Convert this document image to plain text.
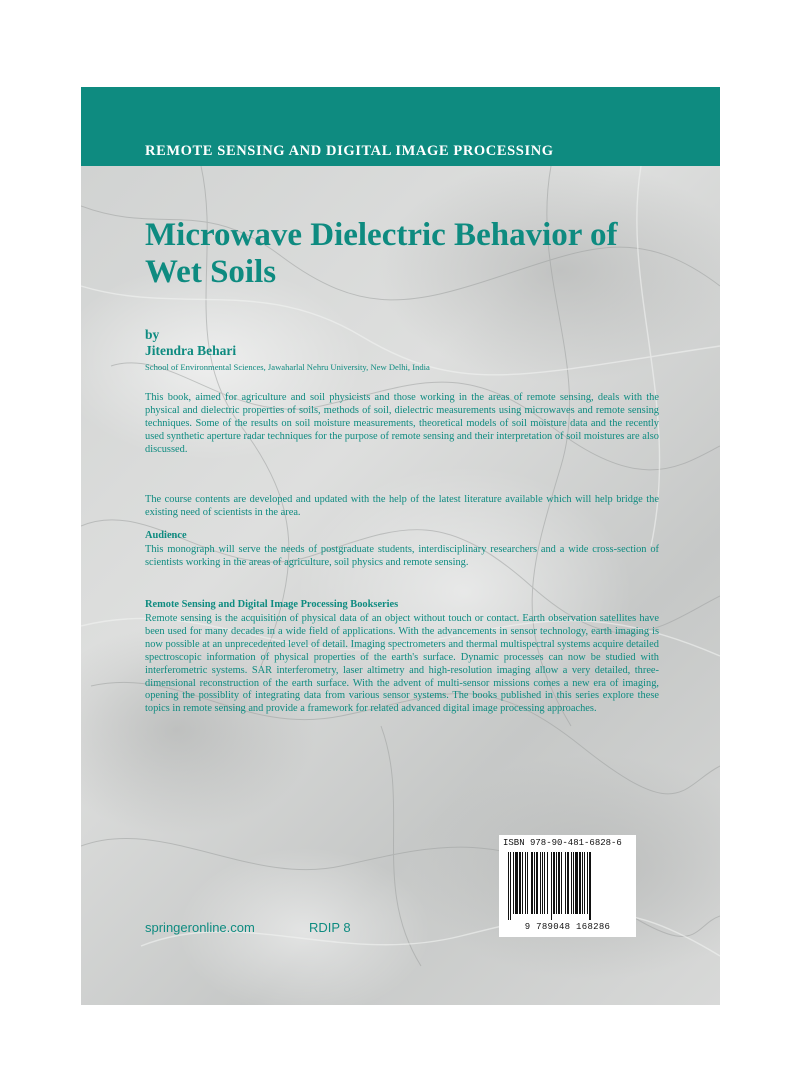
REMOTE SENSING AND DIGITAL IMAGE PROCESSING

Microwave Dielectric Behavior of Wet Soils

by

Jitendra Behari

School of Environmental Sciences, Jawaharlal Nehru University, New Delhi, India

This book, aimed for agriculture and soil physicists and those working in the areas of remote sensing, deals with the physical and dielectric properties of soils, methods of soil, dielectric measurements using microwaves and remote sensing techniques. Some of the results on soil moisture measurements, theoretical models of soil moisture data and the recently used synthetic aperture radar techniques for the purpose of remote sensing and their interpretation of soil moistures are also discussed.

The course contents are developed and updated with the help of the latest literature available which will help bridge the existing need of scientists in the area.

Audience

This monograph will serve the needs of postgraduate students, interdisciplinary researchers and a wide cross-section of scientists working in the areas of agriculture, soil physics and remote sensing.

Remote Sensing and Digital Image Processing Bookseries

Remote sensing is the acquisition of physical data of an object without touch or contact. Earth observation satellites have been used for many decades in a wide field of applications. With the advancements in sensor technology, earth imaging is now possible at an unprecedented level of detail. Imaging spectrometers and thermal multispectral systems acquire detailed spectroscopic information of physical properties of the earth's surface. Dynamic processes can now be studied with interferometric systems. SAR interferometry, laser altimetry and high-resolution imaging allow a very detailed, three-dimensional reconstruction of the earth surface. With the advent of multi-sensor missions comes a new era of imaging, opening the possiblity of integrating data from various sensor systems. The books published in this series explore these topics in remote sensing and provide a framework for related advanced digital image processing approaches.

springeronline.com	RDIP 8

ISBN 978-90-481-6828-6

9 789048 168286
